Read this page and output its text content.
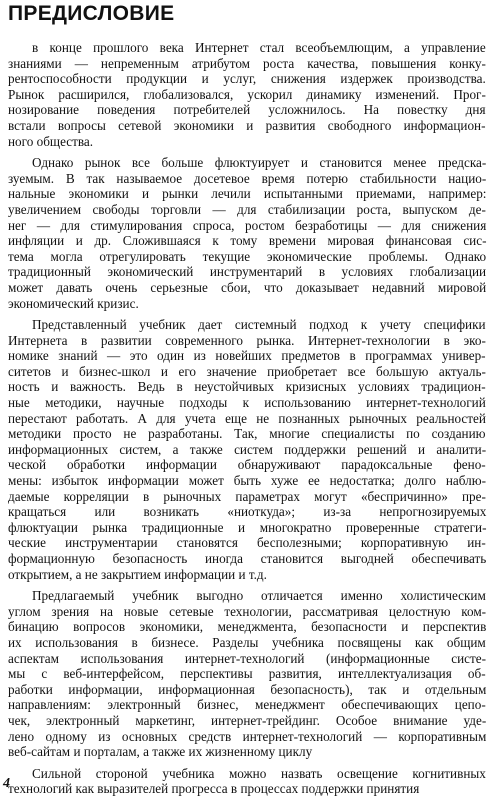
ПРЕДИСЛОВИЕ
в конце прошлого века Интернет стал всеобъемлющим, а управление
знаниями — непременным атрибутом роста качества, повышения конку-
рентоспособности продукции и услуг, снижения издержек производства.
Рынок расширился, глобализовался, ускорил динамику изменений. Прог-
нозирование поведения потребителей усложнилось. На повестку дня
встали вопросы сетевой экономики и развития свободного информацион-
ного общества.
Однако рынок все больше флюктуирует и становится менее предска-
зуемым. В так называемое досетевое время потерю стабильности нацио-
нальные экономики и рынки лечили испытанными приемами, например:
увеличением свободы торговли — для стабилизации роста, выпуском де-
нег — для стимулирования спроса, ростом безработицы — для снижения
инфляции и др. Сложившаяся к тому времени мировая финансовая сис-
тема могла отрегулировать текущие экономические проблемы. Однако
традиционный экономический инструментарий в условиях глобализации
может давать очень серьезные сбои, что доказывает недавний мировой
экономический кризис.
Представленный учебник дает системный подход к учету специфики
Интернета в развитии современного рынка. Интернет-технологии в эко-
номике знаний — это один из новейших предметов в программах универ-
ситетов и бизнес-школ и его значение приобретает все большую актуаль-
ность и важность. Ведь в неустойчивых кризисных условиях традицион-
ные методики, научные подходы к использованию интернет-технологий
перестают работать. А для учета еще не познанных рыночных реальностей
методики просто не разработаны. Так, многие специалисты по созданию
информационных систем, а также систем поддержки решений и аналити-
ческой обработки информации обнаруживают парадоксальные фено-
мены: избыток информации может быть хуже ее недостатка; долго наблю-
даемые корреляции в рыночных параметрах могут «беспричинно» пре-
кращаться или возникать «ниоткуда»; из-за непрогнозируемых
флюктуации рынка традиционные и многократно проверенные стратеги-
ческие инструментарии становятся бесполезными; корпоративную ин-
формационную безопасность иногда становится выгодней обеспечивать
открытием, а не закрытием информации и т.д.
Предлагаемый учебник выгодно отличается именно холистическим
углом зрения на новые сетевые технологии, рассматривая целостную ком-
бинацию вопросов экономики, менеджмента, безопасности и перспектив
их использования в бизнесе. Разделы учебника посвящены как общим
аспектам использования интернет-технологий (информационные систе-
мы с веб-интерфейсом, перспективы развития, интеллектуализация об-
работки информации, информационная безопасность), так и отдельным
направлениям: электронный бизнес, менеджмент обеспечивающих цепо-
чек, электронный маркетинг, интернет-трейдинг. Особое внимание уде-
лено одному из основных средств интернет-технологий — корпоративным
веб-сайтам и порталам, а также их жизненному циклу
Сильной стороной учебника можно назвать освещение когнитивных
технологий как выразителей прогресса в процессах поддержки принятия
4
